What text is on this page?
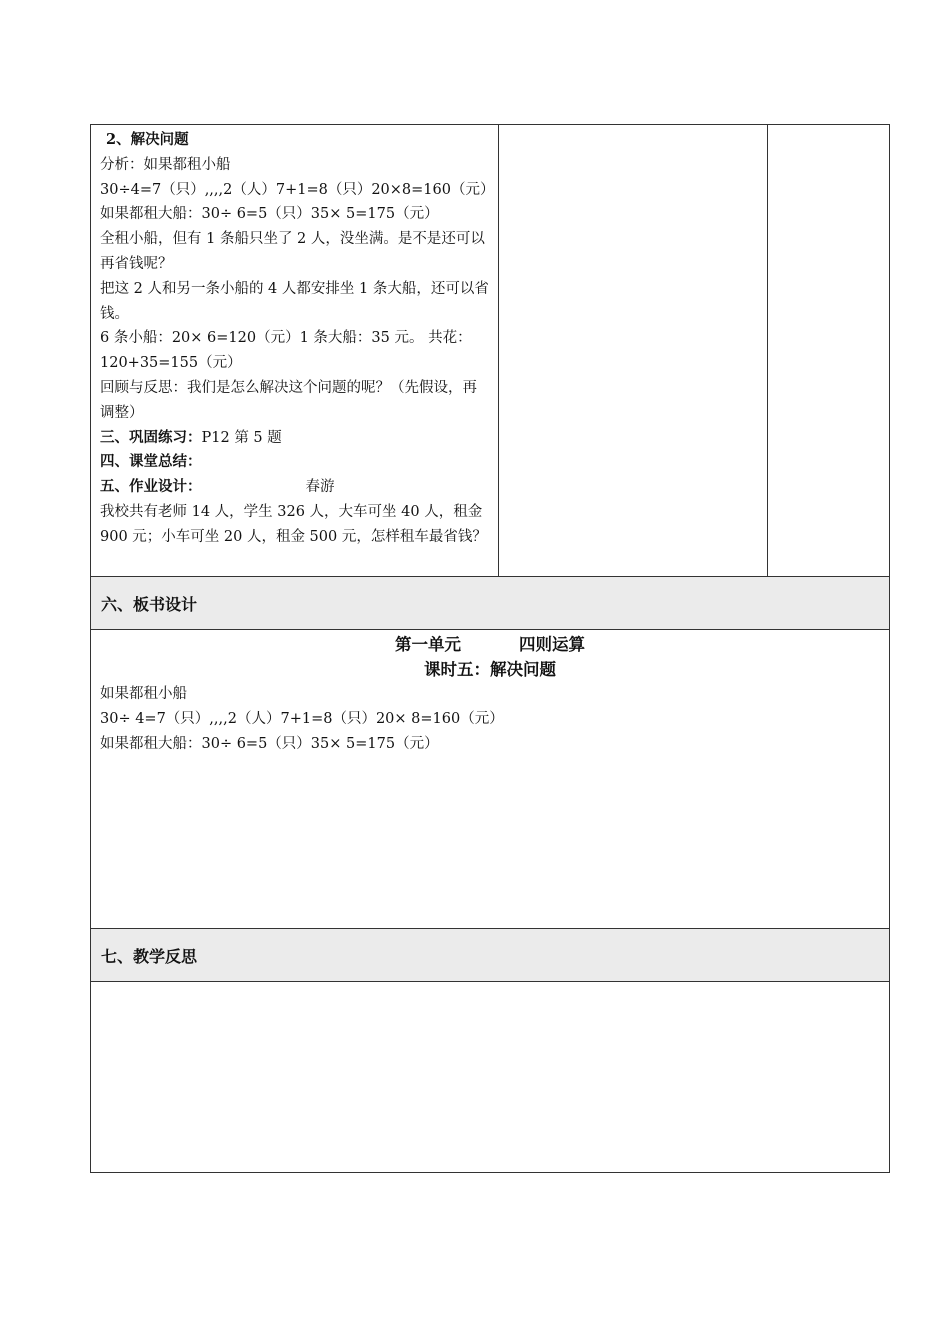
2、解决问题

分析：如果都租小船

30÷4=7（只）,,,,2（人）7+1=8（只）20×8=160（元）

如果都租大船：30÷ 6=5（只）35× 5=175（元）

全租小船，但有 1 条船只坐了 2 人，没坐满。是不是还可以再省钱呢？

把这 2 人和另一条小船的 4 人都安排坐 1 条大船，还可以省钱。

6 条小船：20× 6=120（元）1 条大船：35 元。 共花：120+35=155（元）

回顾与反思：我们是怎么解决这个问题的呢？（先假设，再调整）

三、巩固练习：P12 第 5 题

四、课堂总结：

五、作业设计：	春游

我校共有老师 14 人，学生 326 人，大车可坐 40 人，租金 900 元；小车可坐 20 人，租金 500 元，怎样租车最省钱？

六、板书设计

第一单元	四则运算

课时五：解决问题

如果都租小船

30÷ 4=7（只）,,,,2（人）7+1=8（只）20× 8=160（元）

如果都租大船：30÷ 6=5（只）35× 5=175（元）

七、教学反思
